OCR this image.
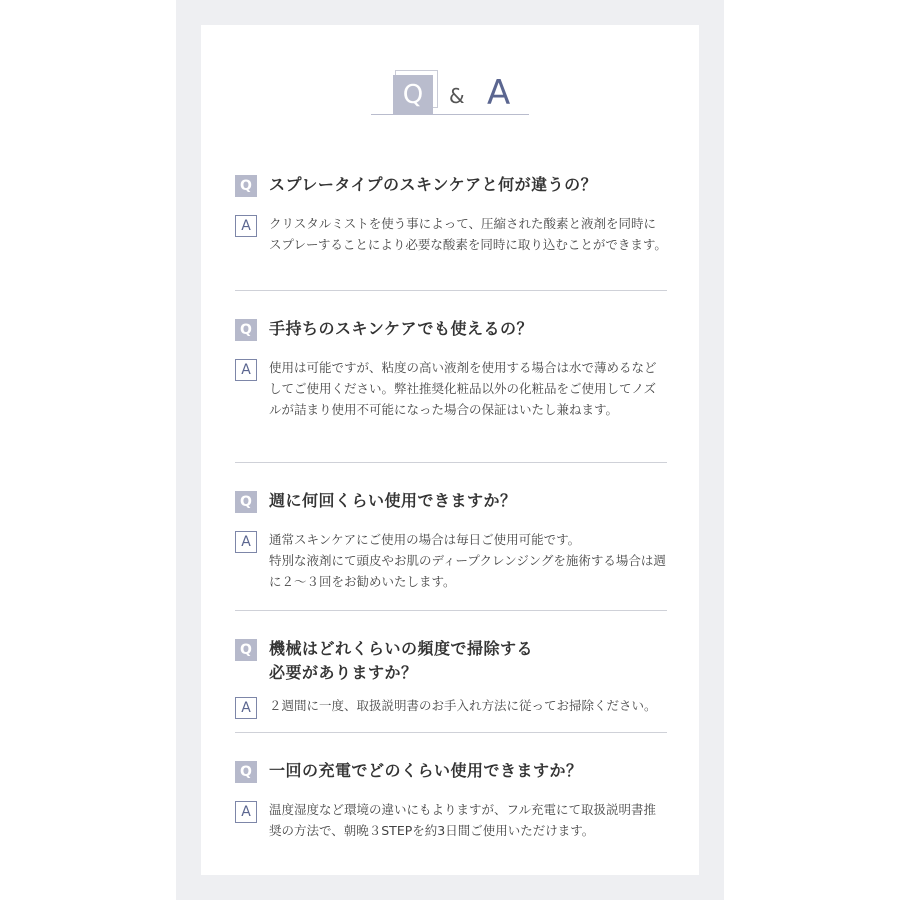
Q	& A
Q	スプレータイプのスキンケアと何が違うの？
A	クリスタルミストを使う事によって、圧縮された酸素と液剤を同時にスプレーすることにより必要な酸素を同時に取り込むことができます。
Q	手持ちのスキンケアでも使えるの？
A	使用は可能ですが、粘度の高い液剤を使用する場合は水で薄めるなどしてご使用ください。弊社推奨化粧品以外の化粧品をご使用してノズルが詰まり使用不可能になった場合の保証はいたし兼ねます。
Q	週に何回くらい使用できますか？
A	通常スキンケアにご使用の場合は毎日ご使用可能です。
特別な液剤にて頭皮やお肌のディープクレンジングを施術する場合は週に２〜３回をお勧めいたします。
Q	機械はどれくらいの頻度で掃除する
必要がありますか？
A	２週間に一度、取扱説明書のお手入れ方法に従ってお掃除ください。
Q	一回の充電でどのくらい使用できますか？
A	温度湿度など環境の違いにもよりますが、フル充電にて取扱説明書推奨の方法で、朝晩３STEPを約3日間ご使用いただけます。
